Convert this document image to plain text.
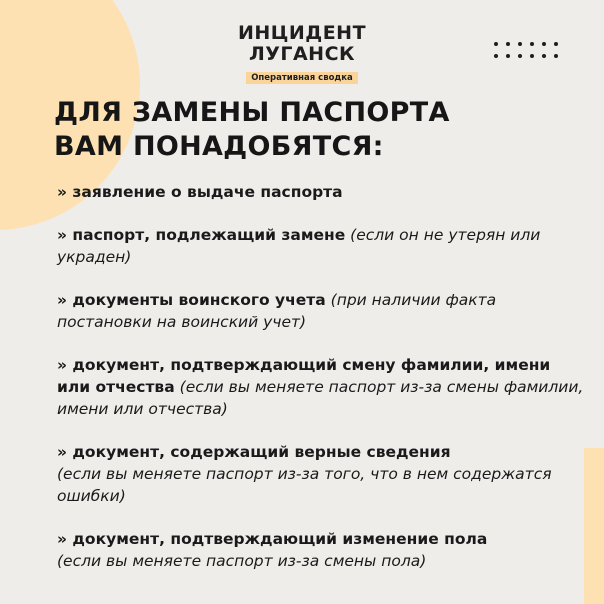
ИНЦИДЕНТ
ЛУГАНСК
Оперативная сводка
ДЛЯ ЗАМЕНЫ ПАСПОРТА
ВАМ ПОНАДОБЯТСЯ:
» заявление о выдаче паспорта
» паспорт, подлежащий замене (если он не утерян или украден)
» документы воинского учета (при наличии факта постановки на воинский учет)
» документ, подтверждающий смену фамилии, имени или отчества (если вы меняете паспорт из-за смены фамилии, имени или отчества)
» документ, содержащий верные сведения
(если вы меняете паспорт из-за того, что в нем содержатся ошибки)
» документ, подтверждающий изменение пола
(если вы меняете паспорт из-за смены пола)
